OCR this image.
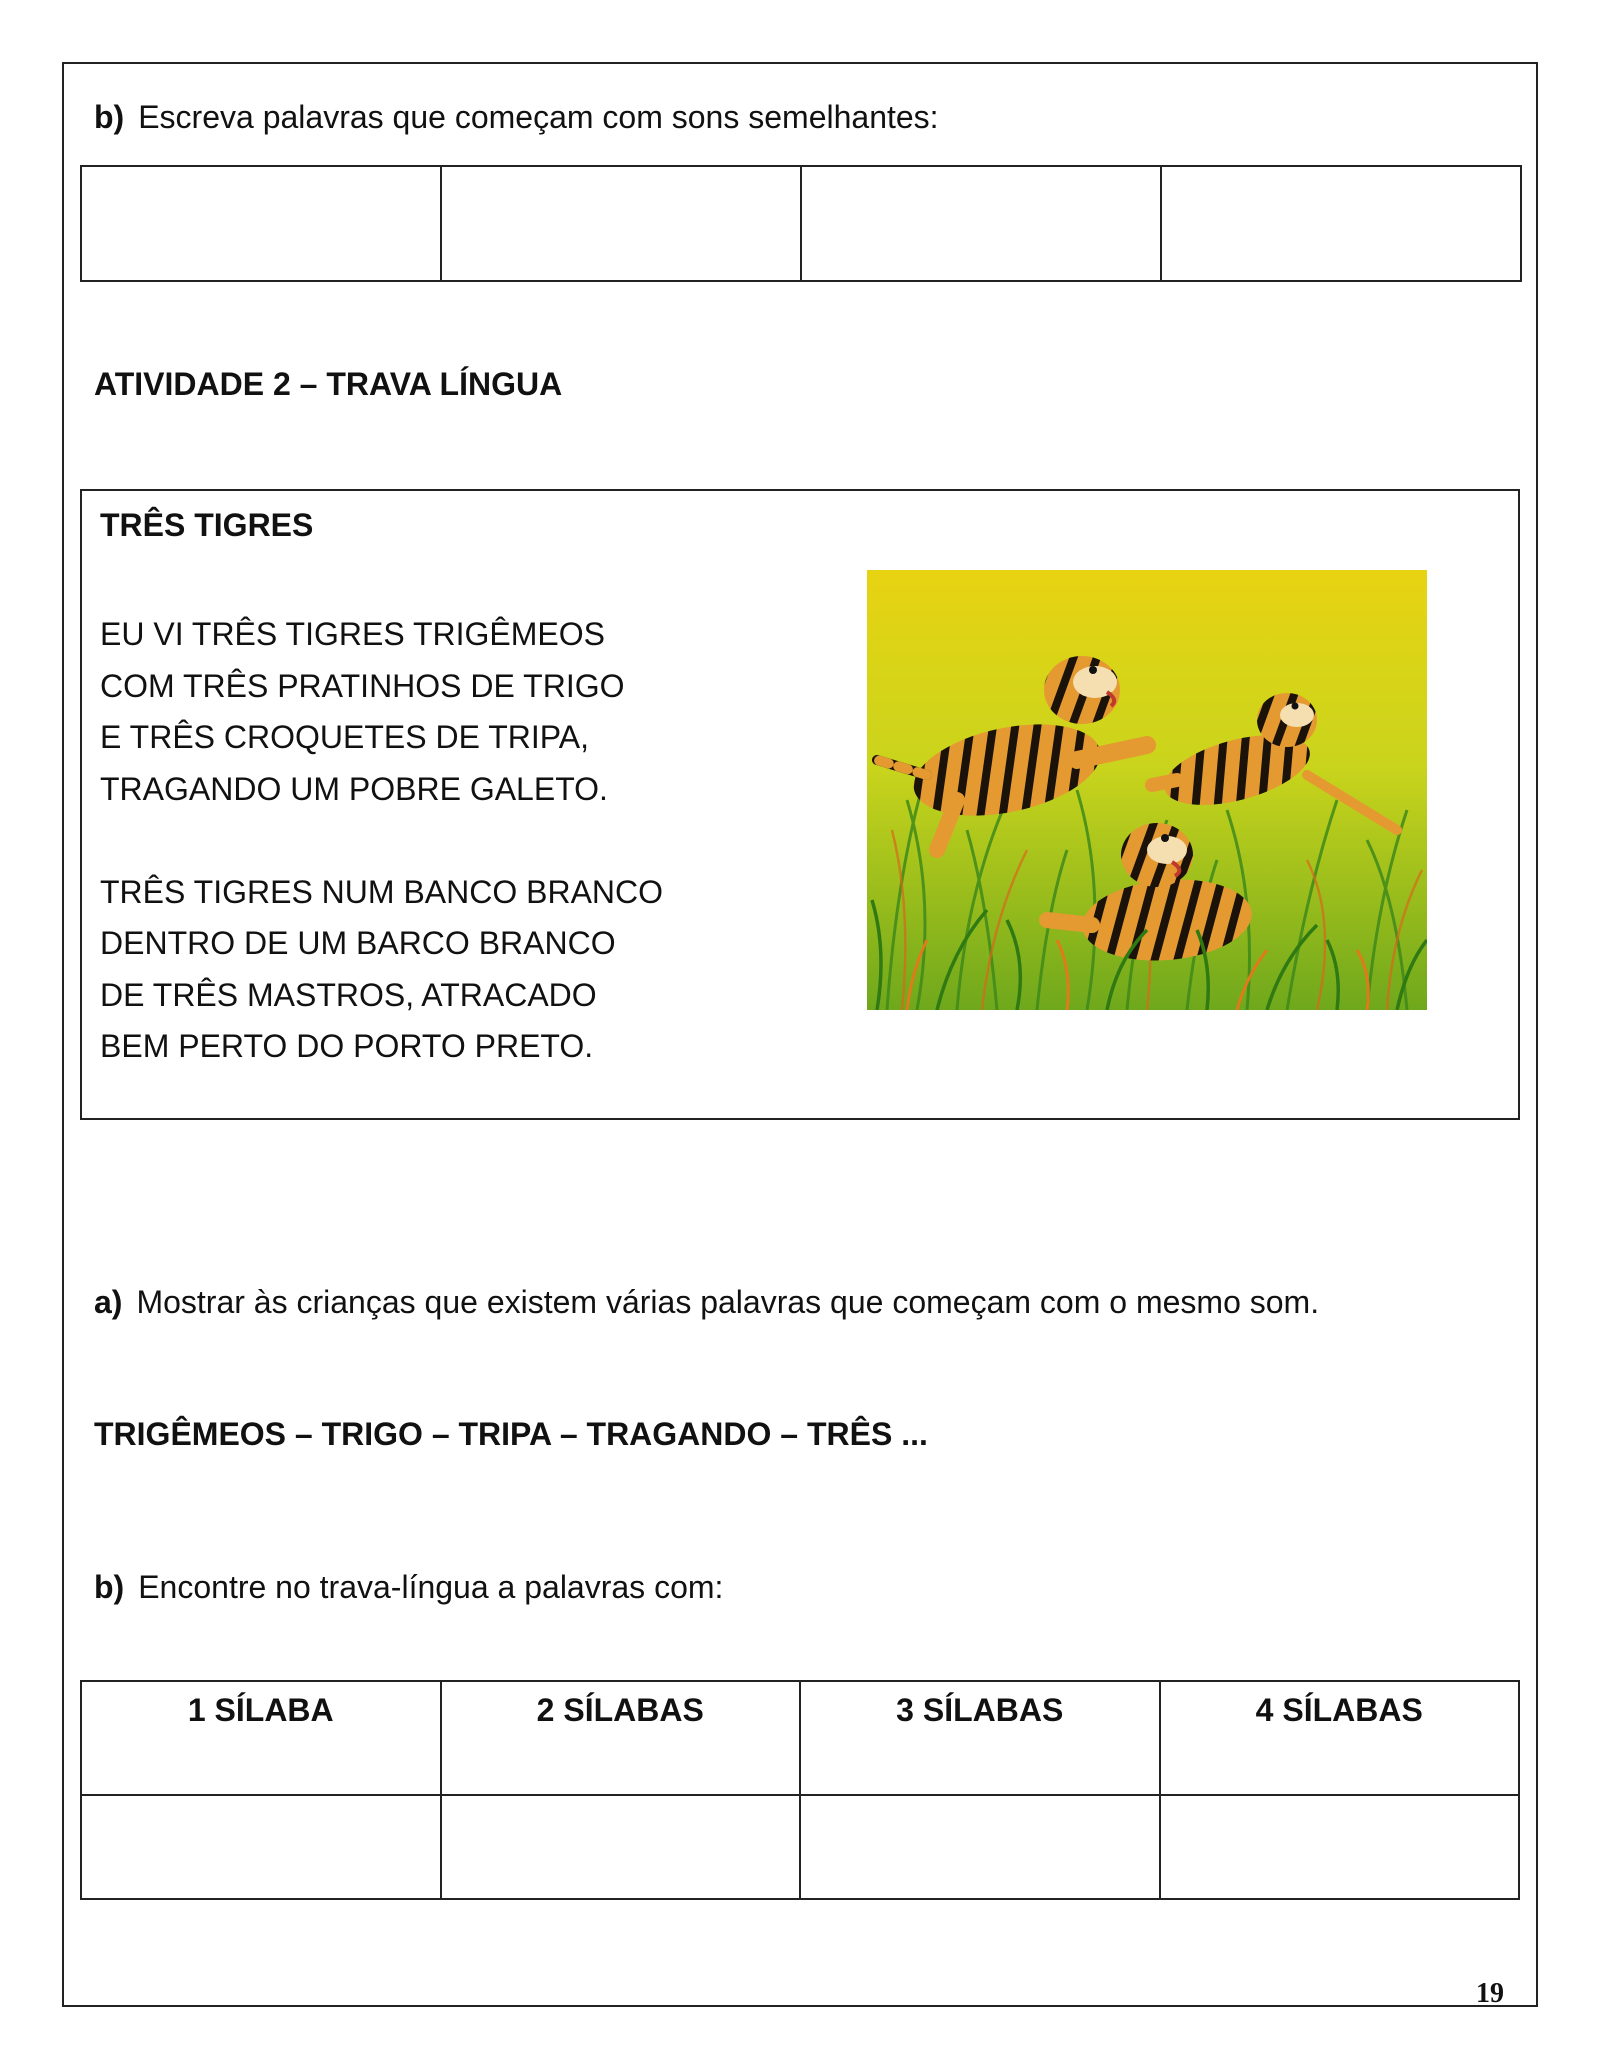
b) Escreva palavras que começam com sons semelhantes:

ATIVIDADE 2 – TRAVA LÍNGUA
TRÊS TIGRES
EU VI TRÊS TIGRES TRIGÊMEOS
COM TRÊS PRATINHOS DE TRIGO
E TRÊS CROQUETES DE TRIPA,
TRAGANDO UM POBRE GALETO.
TRÊS TIGRES NUM BANCO BRANCO
DENTRO DE UM BARCO BRANCO
DE TRÊS MASTROS, ATRACADO
BEM PERTO DO PORTO PRETO.
a) Mostrar às crianças que existem várias palavras que começam com o mesmo som.
TRIGÊMEOS – TRIGO – TRIPA – TRAGANDO – TRÊS ...
b) Encontre no trava-língua a palavras com:
1 SÍLABA	2 SÍLABAS	3 SÍLABAS	4 SÍLABAS

19
